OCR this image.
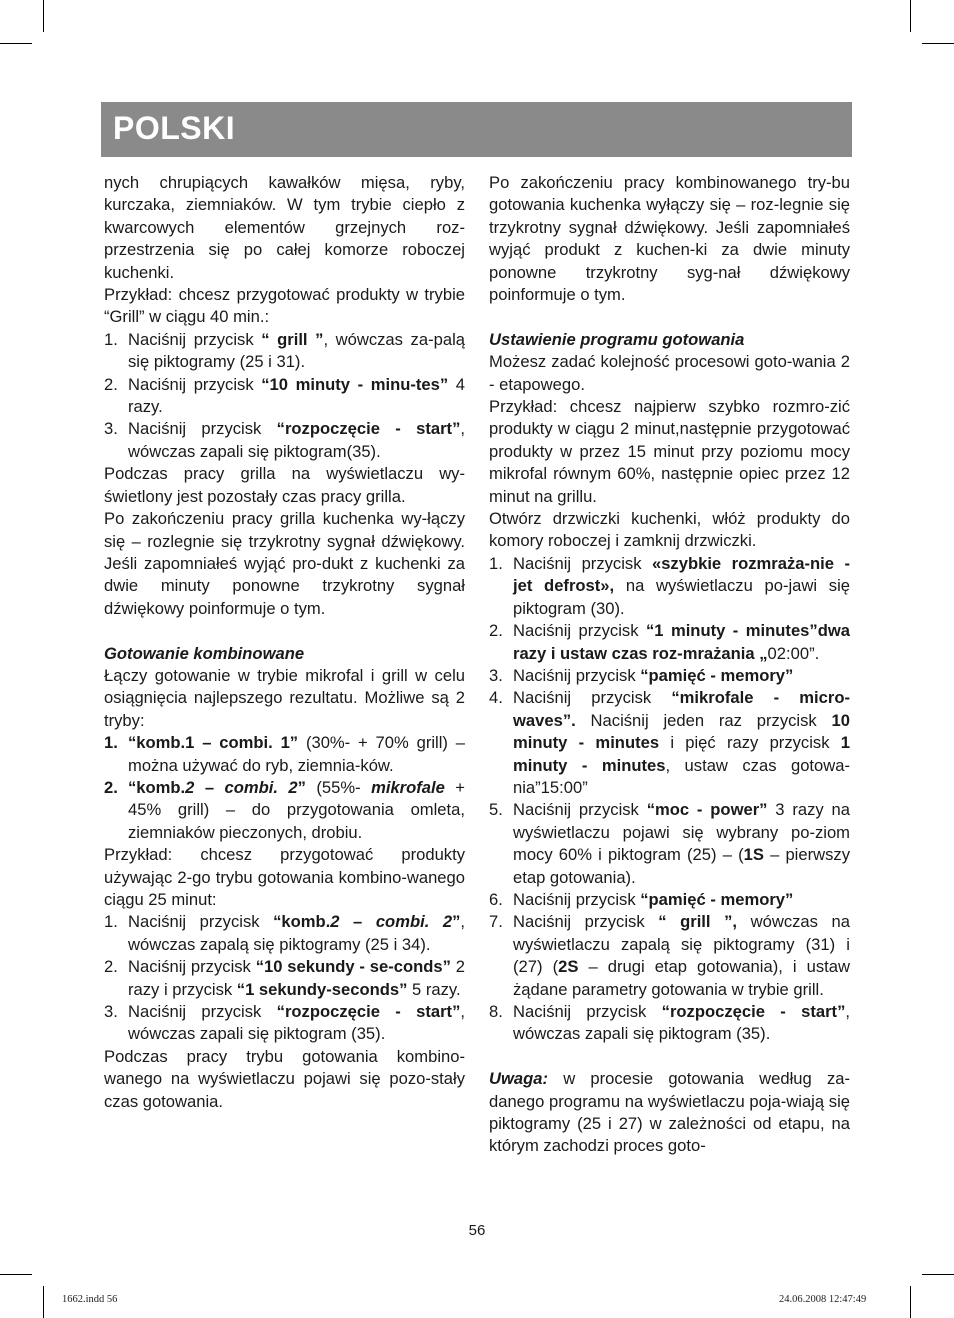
POLSKI

nych chrupiących kawałków mięsa, ryby, kurczaka, ziemniaków. W tym trybie ciepło z kwarcowych elementów grzejnych roz-przestrzenia się po całej komorze roboczej kuchenki.

Przykład: chcesz przygotować produkty w trybie “Grill” w ciągu 40 min.:

1. Naciśnij przycisk “ grill ”, wówczas za-palą się piktogramy (25 i 31).
2. Naciśnij przycisk “10 minuty - minu-tes” 4 razy.
3. Naciśnij przycisk “rozpoczęcie - start”, wówczas zapali się piktogram(35).

Podczas pracy grilla na wyświetlaczu wy-świetlony jest pozostały czas pracy grilla.

Po zakończeniu pracy grilla kuchenka wy-łączy się – rozlegnie się trzykrotny sygnał dźwiękowy. Jeśli zapomniałeś wyjąć pro-dukt z kuchenki za dwie minuty ponowne trzykrotny sygnał dźwiękowy poinformuje o tym.

Gotowanie kombinowane

Łączy gotowanie w trybie mikrofal i grill w celu osiągnięcia najlepszego rezultatu. Możliwe są 2 tryby:

1. “komb.1 – combi. 1” (30%- + 70% grill) – można używać do ryb, ziemnia-ków.
2. “komb.2 – combi. 2” (55%- mikrofale + 45% grill) – do przygotowania omleta, ziemniaków pieczonych, drobiu.

Przykład: chcesz przygotować produkty używając 2-go trybu gotowania kombino-wanego ciągu 25 minut:

1. Naciśnij przycisk “komb.2 – combi. 2”, wówczas zapalą się piktogramy (25 i 34).
2. Naciśnij przycisk “10 sekundy - se-conds” 2 razy i przycisk “1 sekundy-seconds” 5 razy.
3. Naciśnij przycisk “rozpoczęcie - start”, wówczas zapali się piktogram (35).

Podczas pracy trybu gotowania kombino-wanego na wyświetlaczu pojawi się pozo-stały czas gotowania.

Po zakończeniu pracy kombinowanego try-bu gotowania kuchenka wyłączy się – roz-legnie się trzykrotny sygnał dźwiękowy. Jeśli zapomniałeś wyjąć produkt z kuchen-ki za dwie minuty ponowne trzykrotny syg-nał dźwiękowy poinformuje o tym.

Ustawienie programu gotowania

Możesz zadać kolejność procesowi goto-wania 2 - etapowego.

Przykład: chcesz najpierw szybko rozmro-zić produkty w ciągu 2 minut,następnie przygotować produkty w przez 15 minut przy poziomu mocy mikrofal równym 60%, następnie opiec przez 12 minut na grillu.

Otwórz drzwiczki kuchenki, włóż produkty do komory roboczej i zamknij drzwiczki.

1. Naciśnij przycisk «szybkie rozmraża-nie - jet defrost», na wyświetlaczu po-jawi się piktogram (30).
2. Naciśnij przycisk “1 minuty - minutes”dwa razy i ustaw czas roz-mrażania „02:00”.
3. Naciśnij przycisk “pamięć - memory”
4. Naciśnij przycisk “mikrofale - micro-waves”. Naciśnij jeden raz przycisk 10 minuty - minutes i pięć razy przycisk 1 minuty - minutes, ustaw czas gotowa-nia”15:00”
5. Naciśnij przycisk “moc - power” 3 razy na wyświetlaczu pojawi się wybrany po-ziom mocy 60% i piktogram (25) – (1S – pierwszy etap gotowania).
6. Naciśnij przycisk “pamięć - memory”
7. Naciśnij przycisk “ grill ”, wówczas na wyświetlaczu zapalą się piktogramy (31) i (27) (2S – drugi etap gotowania), i ustaw żądane parametry gotowania w trybie grill.
8. Naciśnij przycisk “rozpoczęcie - start”, wówczas zapali się piktogram (35).

Uwaga: w procesie gotowania według za-danego programu na wyświetlaczu poja-wiają się piktogramy (25 i 27) w zależności od etapu, na którym zachodzi proces goto-

56
1662.indd 56	24.06.2008 12:47:49
